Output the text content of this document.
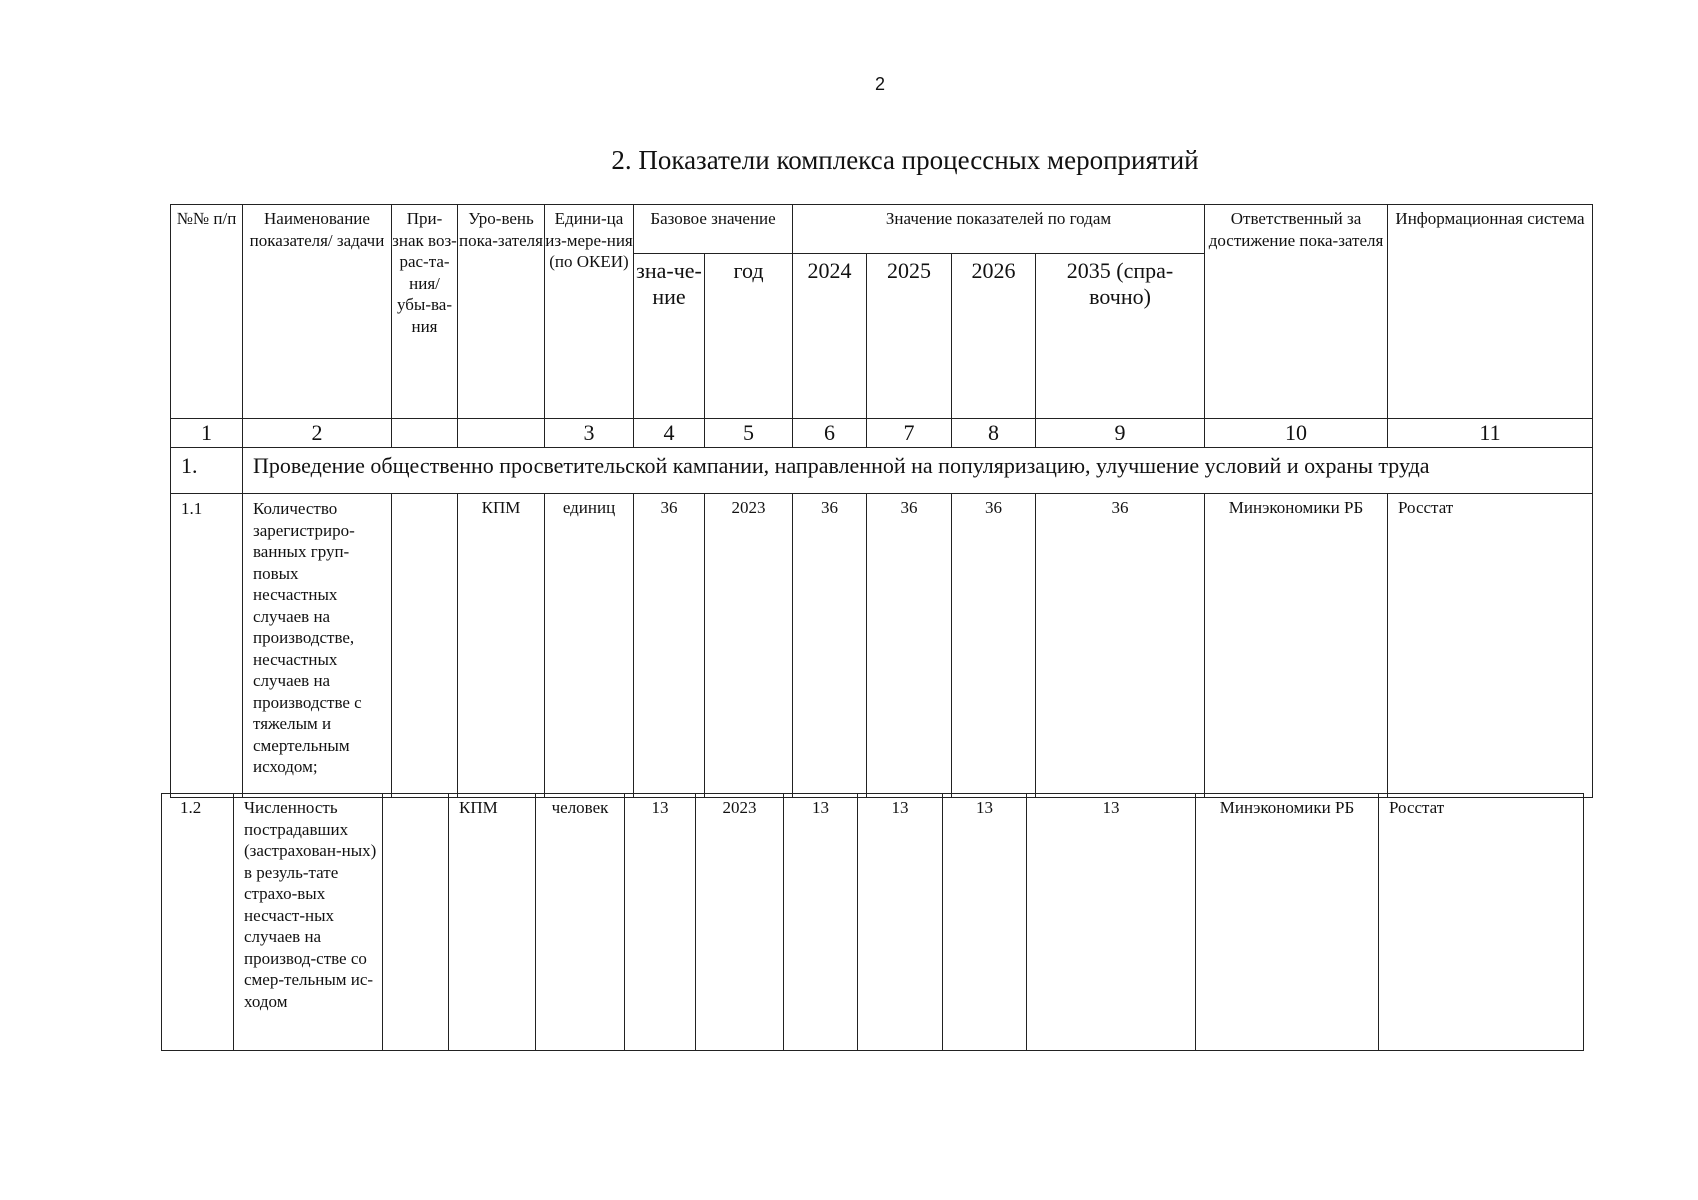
2
2. Показатели комплекса процессных мероприятий
№№ п/п	Наименование показателя/ задачи	При-знак воз-рас-та-ния/ убы-ва-ния	Уро-вень пока-зателя	Едини-ца из-мере-ния (по ОКЕИ)	Базовое значение		Значение показателей по годам				Ответственный за достижение пока-зателя	Информационная система
					зна-че-ние	год	2024	2025	2026	2035 (спра-вочно)		
1	2			3	4	5	6	7	8	9	10	11
1.	Проведение общественно просветительской кампании, направленной на популяризацию, улучшение условий и охраны труда											
1.1	Количество зарегистриро-ванных груп-повых несчастных случаев на производстве, несчастных случаев на производстве с тяжелым и смертельным исходом;		КПМ	единиц	36	2023	36	36	36	36	Минэкономики РБ	Росстат
1.2	Численность пострадавших (застрахован-ных) в резуль-тате страхо-вых несчаст-ных случаев на производ-стве со смер-тельным ис-ходом		КПМ	человек	13	2023	13	13	13	13	Минэкономики РБ	Росстат
